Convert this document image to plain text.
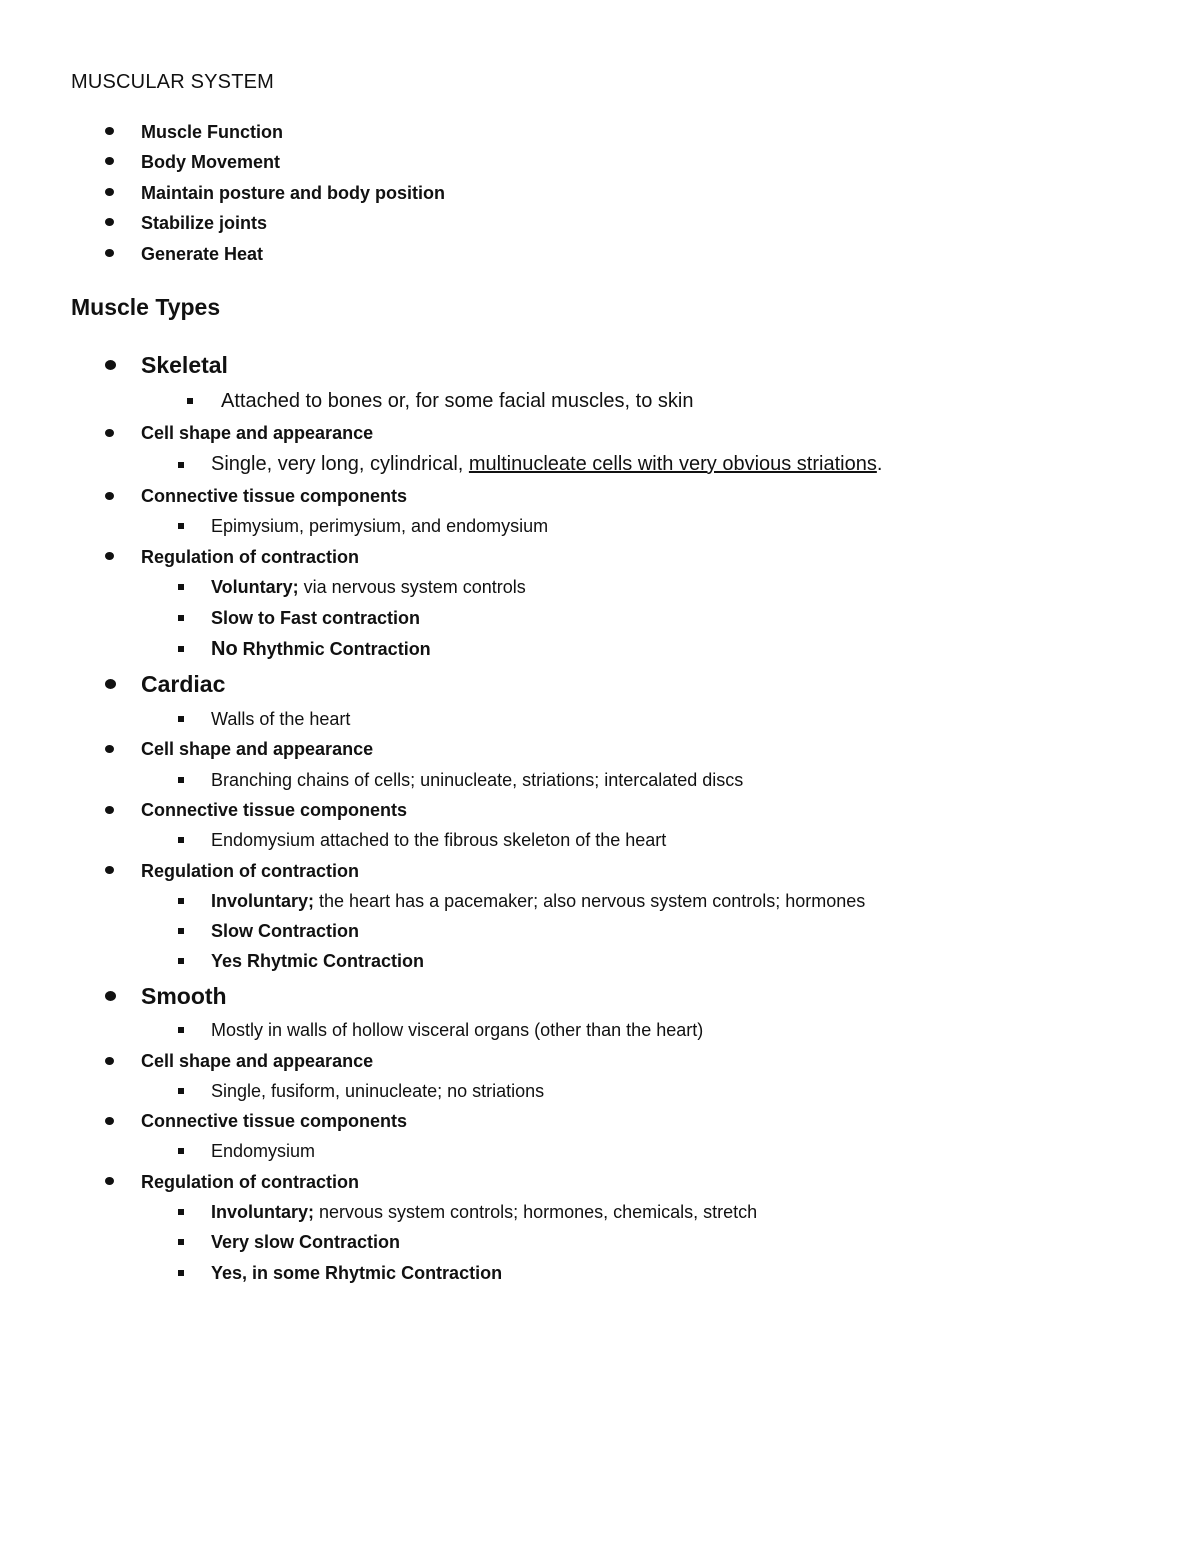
MUSCULAR SYSTEM
Muscle Function
Body Movement
Maintain posture and body position
Stabilize joints
Generate Heat
Muscle Types
Skeletal
Attached to bones or, for some facial muscles, to skin
Cell shape and appearance
Single, very long, cylindrical, multinucleate cells with very obvious striations.
Connective tissue components
Epimysium, perimysium, and endomysium
Regulation of contraction
Voluntary; via nervous system controls
Slow to Fast contraction
No Rhythmic Contraction
Cardiac
Walls of the heart
Cell shape and appearance
Branching chains of cells; uninucleate, striations; intercalated discs
Connective tissue components
Endomysium attached to the fibrous skeleton of the heart
Regulation of contraction
Involuntary; the heart has a pacemaker; also nervous system controls; hormones
Slow Contraction
Yes Rhytmic Contraction
Smooth
Mostly in walls of hollow visceral organs (other than the heart)
Cell shape and appearance
Single, fusiform, uninucleate; no striations
Connective tissue components
Endomysium
Regulation of contraction
Involuntary; nervous system controls; hormones, chemicals, stretch
Very slow Contraction
Yes, in some Rhytmic Contraction
